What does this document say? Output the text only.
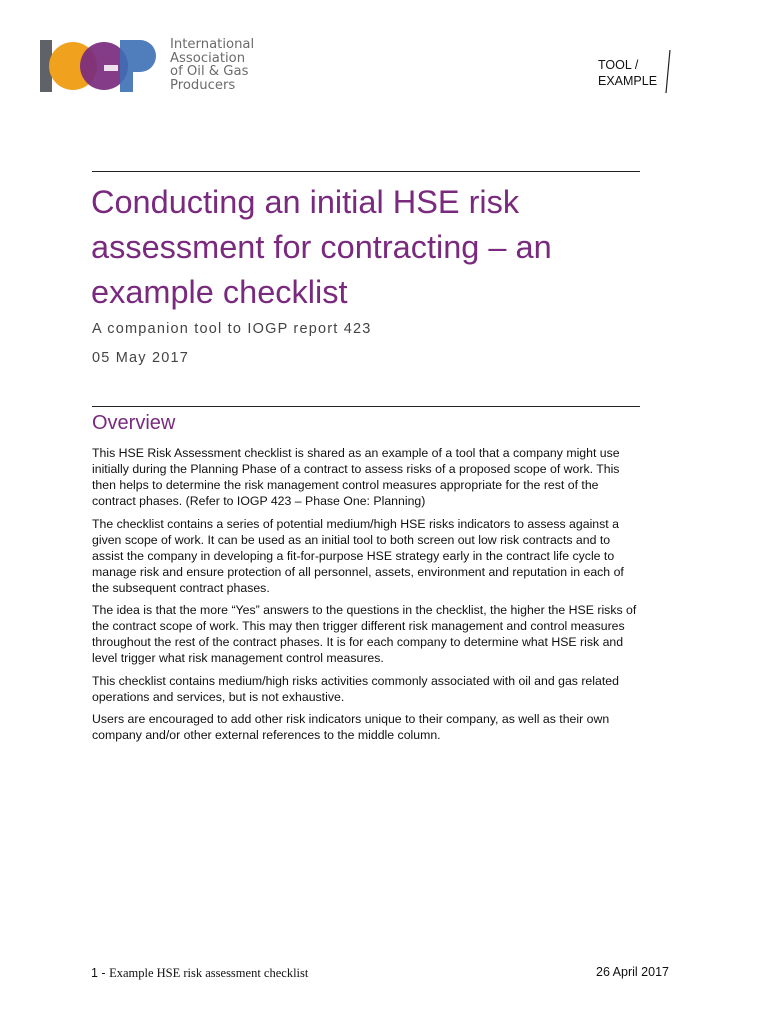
International
Association
of Oil & Gas
Producers
TOOL /
EXAMPLE
Conducting an initial HSE risk assessment for contracting – an example checklist
A companion tool to IOGP report 423
05 May 2017
Overview

This HSE Risk Assessment checklist is shared as an example of a tool that a company might use initially during the Planning Phase of a contract to assess risks of a proposed scope of work. This then helps to determine the risk management control measures appropriate for the rest of the contract phases. (Refer to IOGP 423 – Phase One: Planning)

The checklist contains a series of potential medium/high HSE risks indicators to assess against a given scope of work. It can be used as an initial tool to both screen out low risk contracts and to assist the company in developing a fit-for-purpose HSE strategy early in the contract life cycle to manage risk and ensure protection of all personnel, assets, environment and reputation in each of the subsequent contract phases.

The idea is that the more “Yes” answers to the questions in the checklist, the higher the HSE risks of the contract scope of work. This may then trigger different risk management and control measures throughout the rest of the contract phases. It is for each company to determine what HSE risk and level trigger what risk management control measures.

This checklist contains medium/high risks activities commonly associated with oil and gas related operations and services, but is not exhaustive.

Users are encouraged to add other risk indicators unique to their company, as well as their own company and/or other external references to the middle column.

1 - Example HSE risk assessment checklist	26 April 2017
